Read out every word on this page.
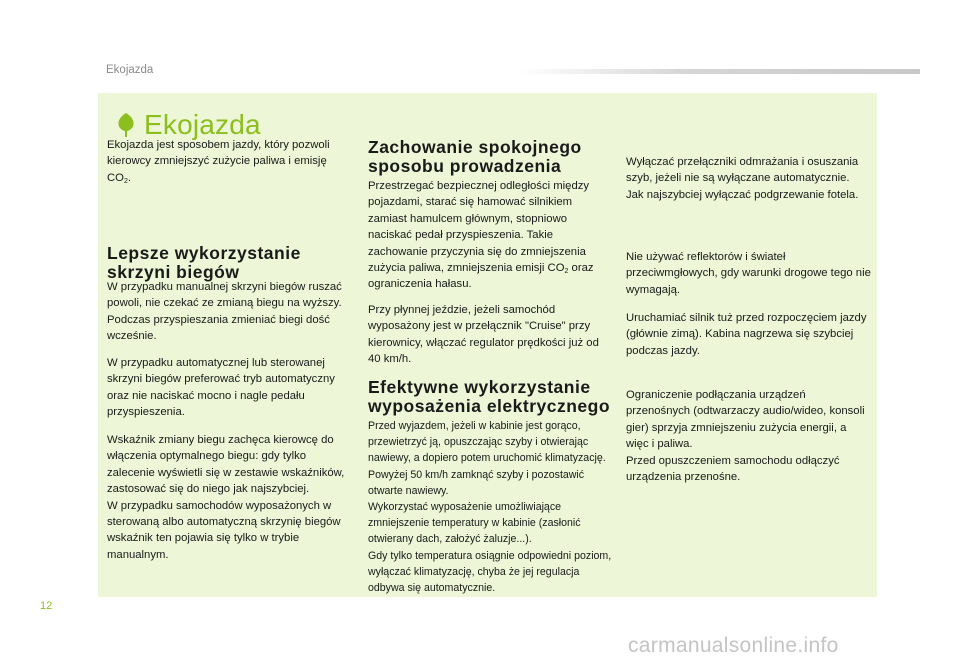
Ekojazda
Ekojazda

Ekojazda jest sposobem jazdy, który pozwoli kierowcy zmniejszyć zużycie paliwa i emisję $CO_2$.

Lepsze wykorzystanie
skrzyni biegów

W przypadku manualnej skrzyni biegów ruszać powoli, nie czekać ze zmianą biegu na wyższy. Podczas przyspieszania zmieniać biegi dość wcześnie.

W przypadku automatycznej lub sterowanej skrzyni biegów preferować tryb automatyczny oraz nie naciskać mocno i nagle pedału przyspieszenia.

Wskaźnik zmiany biegu zachęca kierowcę do włączenia optymalnego biegu: gdy tylko zalecenie wyświetli się w zestawie wskaźników, zastosować się do niego jak najszybciej.

W przypadku samochodów wyposażonych w sterowaną albo automatyczną skrzynię biegów wskaźnik ten pojawia się tylko w trybie manualnym.

Zachowanie spokojnego
sposobu prowadzenia

Przestrzegać bezpiecznej odległości między pojazdami, starać się hamować silnikiem zamiast hamulcem głównym, stopniowo naciskać pedał przyspieszenia. Takie zachowanie przyczynia się do zmniejszenia zużycia paliwa, zmniejszenia emisji $CO_2$ oraz ograniczenia hałasu.

Przy płynnej jeździe, jeżeli samochód wyposażony jest w przełącznik "Cruise" przy kierownicy, włączać regulator prędkości już od 40 km/h.

Efektywne wykorzystanie
wyposażenia elektrycznego

Przed wyjazdem, jeżeli w kabinie jest gorąco, przewietrzyć ją, opuszczając szyby i otwierając nawiewy, a dopiero potem uruchomić klimatyzację.

Powyżej 50 km/h zamknąć szyby i pozostawić otwarte nawiewy.

Wykorzystać wyposażenie umożliwiające zmniejszenie temperatury w kabinie (zasłonić otwierany dach, założyć żaluzje...).

Gdy tylko temperatura osiągnie odpowiedni poziom, wyłączać klimatyzację, chyba że jej regulacja odbywa się automatycznie.

Wyłączać przełączniki odmrażania i osuszania szyb, jeżeli nie są wyłączane automatycznie.

Jak najszybciej wyłączać podgrzewanie fotela.

Nie używać reflektorów i świateł przeciwmgłowych, gdy warunki drogowe tego nie wymagają.

Uruchamiać silnik tuż przed rozpoczęciem jazdy (głównie zimą). Kabina nagrzewa się szybciej podczas jazdy.

Ograniczenie podłączania urządzeń przenośnych (odtwarzaczy audio/wideo, konsoli gier) sprzyja zmniejszeniu zużycia energii, a więc i paliwa.

Przed opuszczeniem samochodu odłączyć urządzenia przenośne.

12
carmanualsonline.info
